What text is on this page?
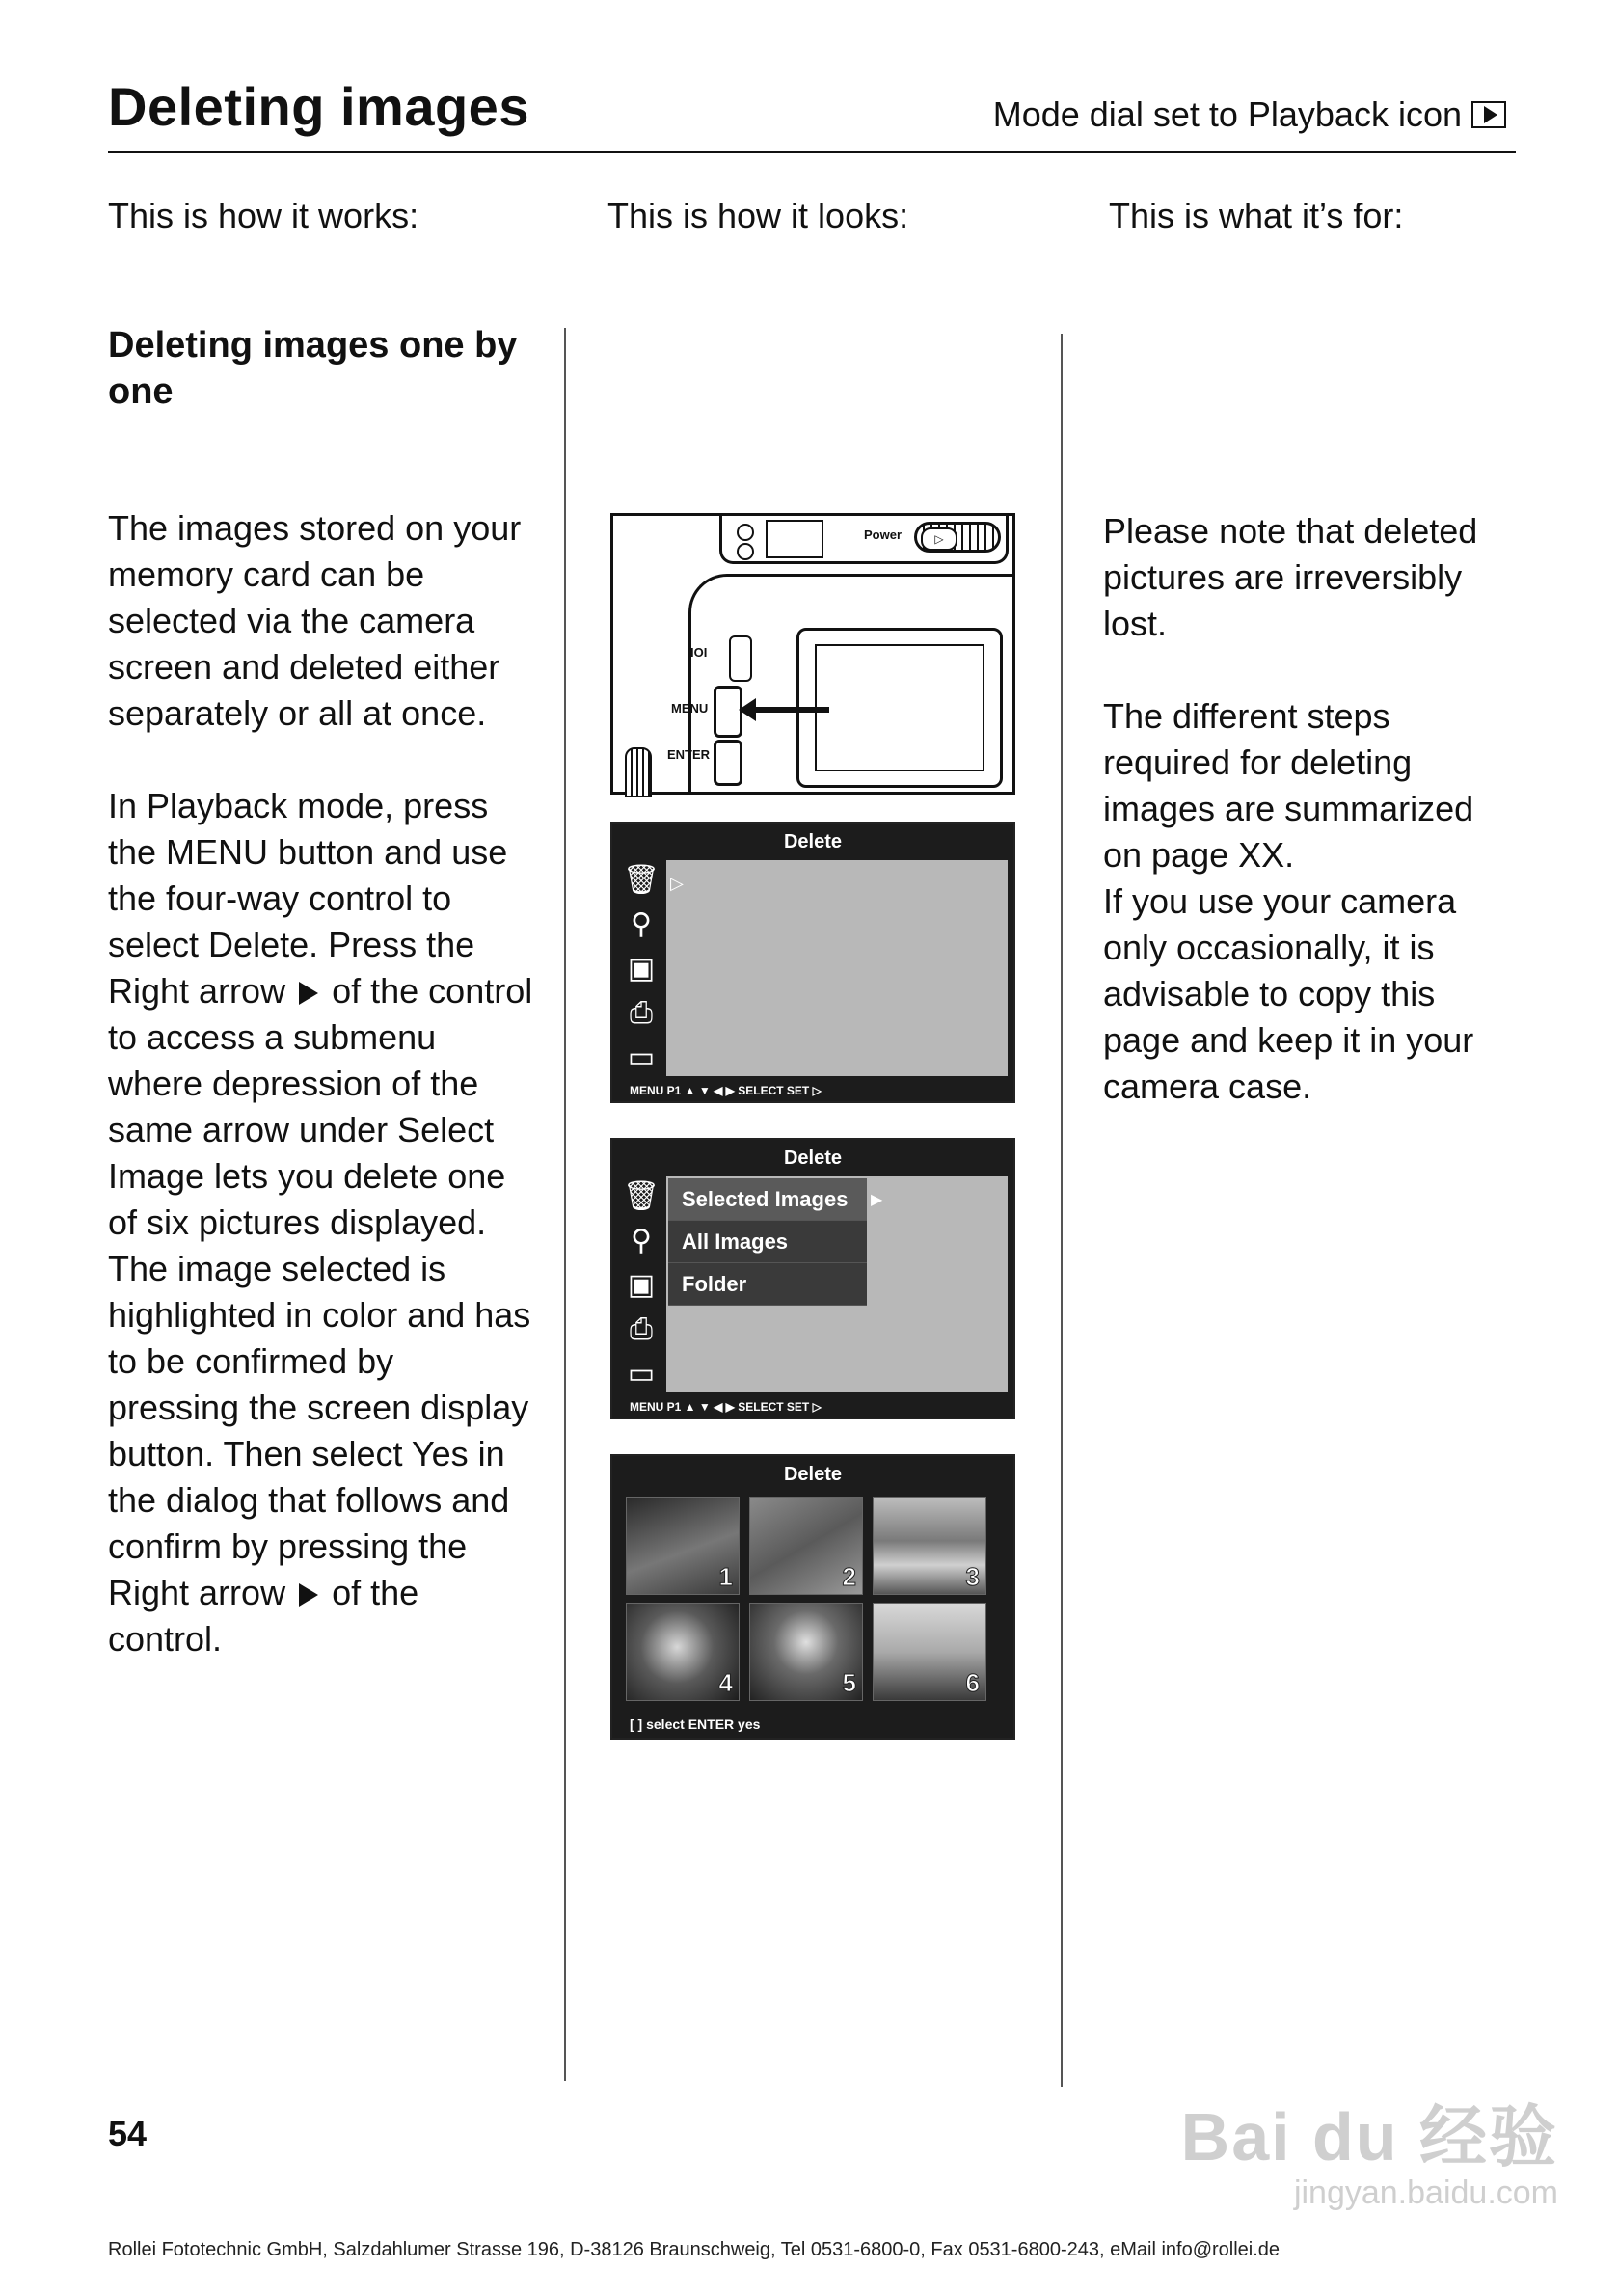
Deleting images	Mode dial set to Playback icon
This is how it works:	This is how it looks:	This is what it’s for:
Deleting images one by one

The images stored on your memory card can be selected via the camera screen and deleted either separately or all at once.

In Playback mode, press the MENU button and use the four-way control to select Delete. Press the Right arrow of the control to access a submenu where depression of the same arrow under Select Image lets you delete one of six pictures displayed. The image selected is highlighted in color and has to be confirmed by pressing the screen display button. Then select Yes in the dialog that follows and confirm by pressing the Right arrow of the control.

Please note that deleted pictures are irreversibly lost.

The different steps required for deleting images are summarized on page XX.
If you use your camera only occasionally, it is advisable to copy this page and keep it in your camera case.
Power	▷
IOI
MENU
ENTER
Delete
▷
🗑
⚲
▣
⎙
▭
MENU P1 ▲ ▼ ◀ ▶ SELECT SET ▷
Delete
Selected Images	▶
All Images
Folder
🗑
⚲
▣
⎙
▭
MENU P1 ▲ ▼ ◀ ▶ SELECT SET ▷
Delete
1	2	3
4	5	6
[ ] select ENTER yes
54
Rollei Fototechnic GmbH, Salzdahlumer Strasse 196, D-38126 Braunschweig, Tel 0531-6800-0, Fax 0531-6800-243, eMail info@rollei.de
Bai du 经验
jingyan.baidu.com
